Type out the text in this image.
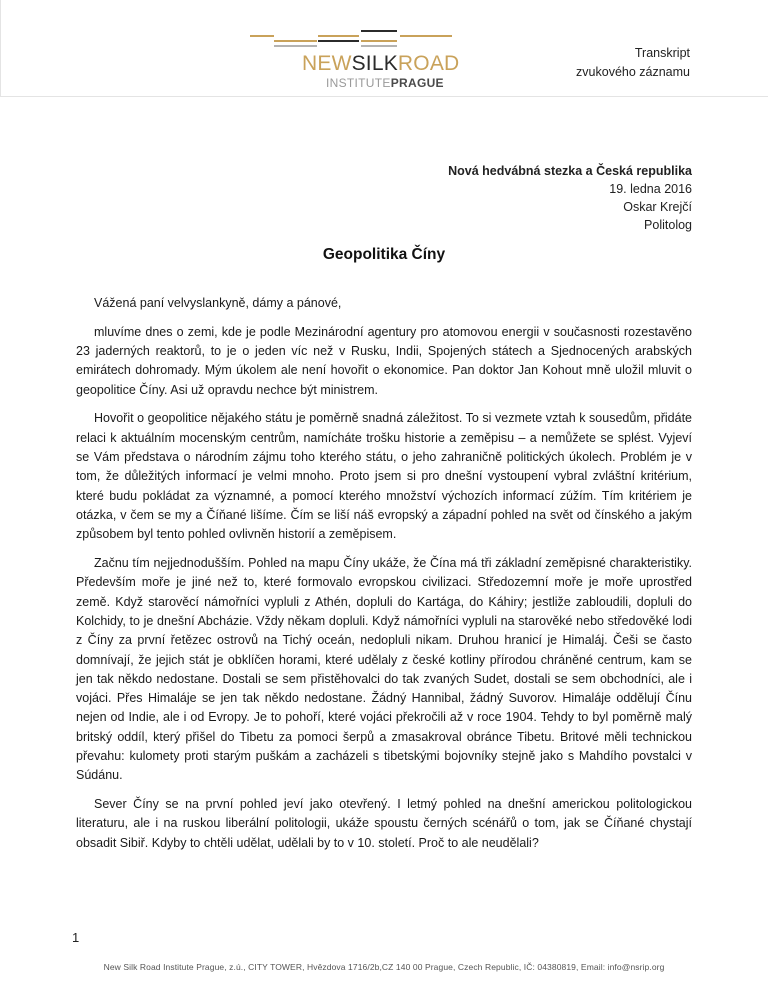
NEWSILKROAD
INSTITUTEPRAGUE
Transkript
zvukového záznamu
Nová hedvábná stezka a Česká republika
19. ledna 2016
Oskar Krejčí
Politolog
Geopolitika Číny

Vážená paní velvyslankyně, dámy a pánové,

mluvíme dnes o zemi, kde je podle Mezinárodní agentury pro atomovou energii v současnosti rozestavěno 23 jaderných reaktorů, to je o jeden víc než v Rusku, Indii, Spojených státech a Sjednocených arabských emirátech dohromady. Mým úkolem ale není hovořit o ekonomice. Pan doktor Jan Kohout mně uložil mluvit o geopolitice Číny. Asi už opravdu nechce být ministrem.

Hovořit o geopolitice nějakého státu je poměrně snadná záležitost. To si vezmete vztah k sousedům, přidáte relaci k aktuálním mocenským centrům, namícháte trošku historie a zeměpisu – a nemůžete se splést. Vyjeví se Vám představa o národním zájmu toho kterého státu, o jeho zahraničně politických úkolech. Problém je v tom, že důležitých informací je velmi mnoho. Proto jsem si pro dnešní vystoupení vybral zvláštní kritérium, které budu pokládat za významné, a pomocí kterého množství výchozích informací zúžím. Tím kritériem je otázka, v čem se my a Číňané lišíme. Čím se liší náš evropský a západní pohled na svět od čínského a jakým způsobem byl tento pohled ovlivněn historií a zeměpisem.

Začnu tím nejjednodušším. Pohled na mapu Číny ukáže, že Čína má tři základní zeměpisné charakteristiky. Především moře je jiné než to, které formovalo evropskou civilizaci. Středozemní moře je moře uprostřed země. Když starověcí námořníci vypluli z Athén, dopluli do Kartága, do Káhiry; jestliže zabloudili, dopluli do Kolchidy, to je dnešní Abcházie. Vždy někam dopluli. Když námořníci vypluli na starověké nebo středověké lodi z Číny za první řetězec ostrovů na Tichý oceán, nedopluli nikam. Druhou hranicí je Himaláj. Češi se často domnívají, že jejich stát je obklíčen horami, které udělaly z české kotliny přírodou chráněné centrum, kam se jen tak někdo nedostane. Dostali se sem přistěhovalci do tak zvaných Sudet, dostali se sem obchodníci, ale i vojáci. Přes Himaláje se jen tak někdo nedostane. Žádný Hannibal, žádný Suvorov. Himaláje oddělují Čínu nejen od Indie, ale i od Evropy. Je to pohoří, které vojáci překročili až v roce 1904. Tehdy to byl poměrně malý britský oddíl, který přišel do Tibetu za pomoci šerpů a zmasakroval obránce Tibetu. Britové měli technickou převahu: kulomety proti starým puškám a zacházeli s tibetskými bojovníky stejně jako s Mahdího povstalci v Súdánu.

Sever Číny se na první pohled jeví jako otevřený. I letmý pohled na dnešní americkou politologickou literaturu, ale i na ruskou liberální politologii, ukáže spoustu černých scénářů o tom, jak se Číňané chystají obsadit Sibiř. Kdyby to chtěli udělat, udělali by to v 10. století. Proč to ale neudělali?

1
New Silk Road Institute Prague, z.ú., CITY TOWER, Hvězdova 1716/2b,CZ 140 00 Prague, Czech Republic, IČ: 04380819, Email: info@nsrip.org
